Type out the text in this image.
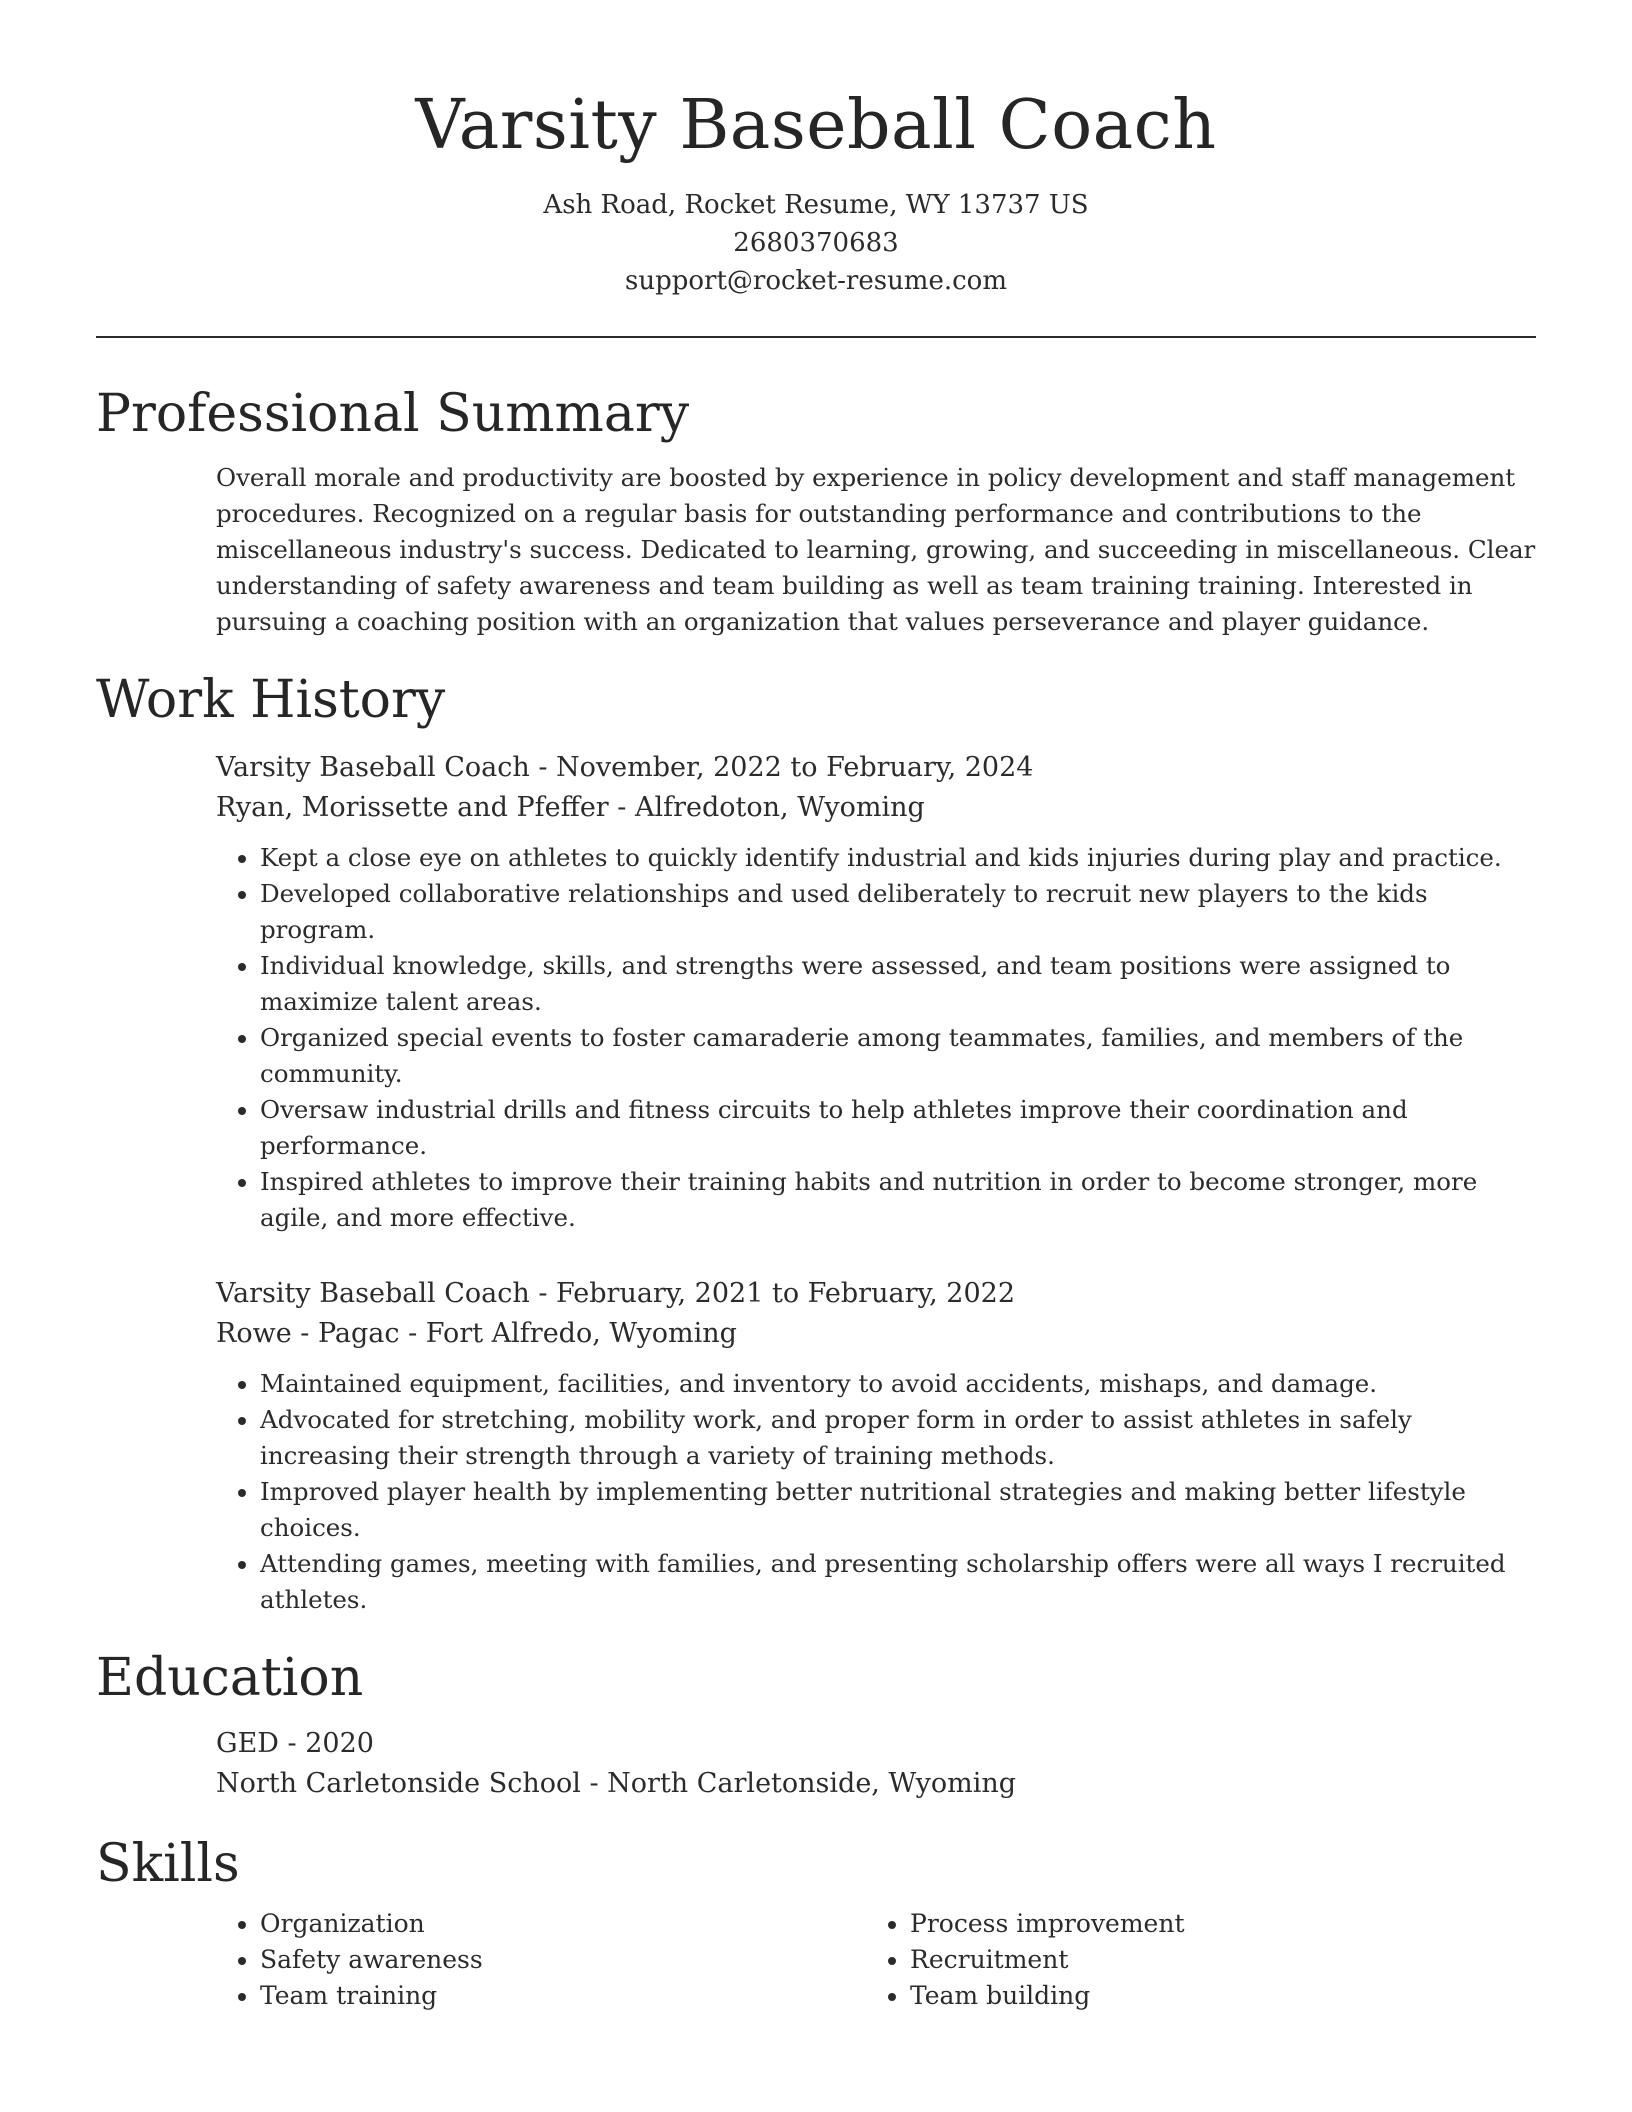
Varsity Baseball Coach
Ash Road, Rocket Resume, WY 13737 US
2680370683
support@rocket-resume.com
Professional Summary

Overall morale and productivity are boosted by experience in policy development and staff management procedures. Recognized on a regular basis for outstanding performance and contributions to the miscellaneous industry's success. Dedicated to learning, growing, and succeeding in miscellaneous. Clear understanding of safety awareness and team building as well as team training training. Interested in pursuing a coaching position with an organization that values perseverance and player guidance.

Work History
Varsity Baseball Coach - November, 2022 to February, 2024
Ryan, Morissette and Pfeffer - Alfredoton, Wyoming
• Kept a close eye on athletes to quickly identify industrial and kids injuries during play and practice.
• Developed collaborative relationships and used deliberately to recruit new players to the kids program.
• Individual knowledge, skills, and strengths were assessed, and team positions were assigned to maximize talent areas.
• Organized special events to foster camaraderie among teammates, families, and members of the community.
• Oversaw industrial drills and fitness circuits to help athletes improve their coordination and performance.
• Inspired athletes to improve their training habits and nutrition in order to become stronger, more agile, and more effective.
Varsity Baseball Coach - February, 2021 to February, 2022
Rowe - Pagac - Fort Alfredo, Wyoming
• Maintained equipment, facilities, and inventory to avoid accidents, mishaps, and damage.
• Advocated for stretching, mobility work, and proper form in order to assist athletes in safely increasing their strength through a variety of training methods.
• Improved player health by implementing better nutritional strategies and making better lifestyle choices.
• Attending games, meeting with families, and presenting scholarship offers were all ways I recruited athletes.
Education
GED - 2020
North Carletonside School - North Carletonside, Wyoming
Skills
• Organization
• Safety awareness
• Team training
• Process improvement
• Recruitment
• Team building
